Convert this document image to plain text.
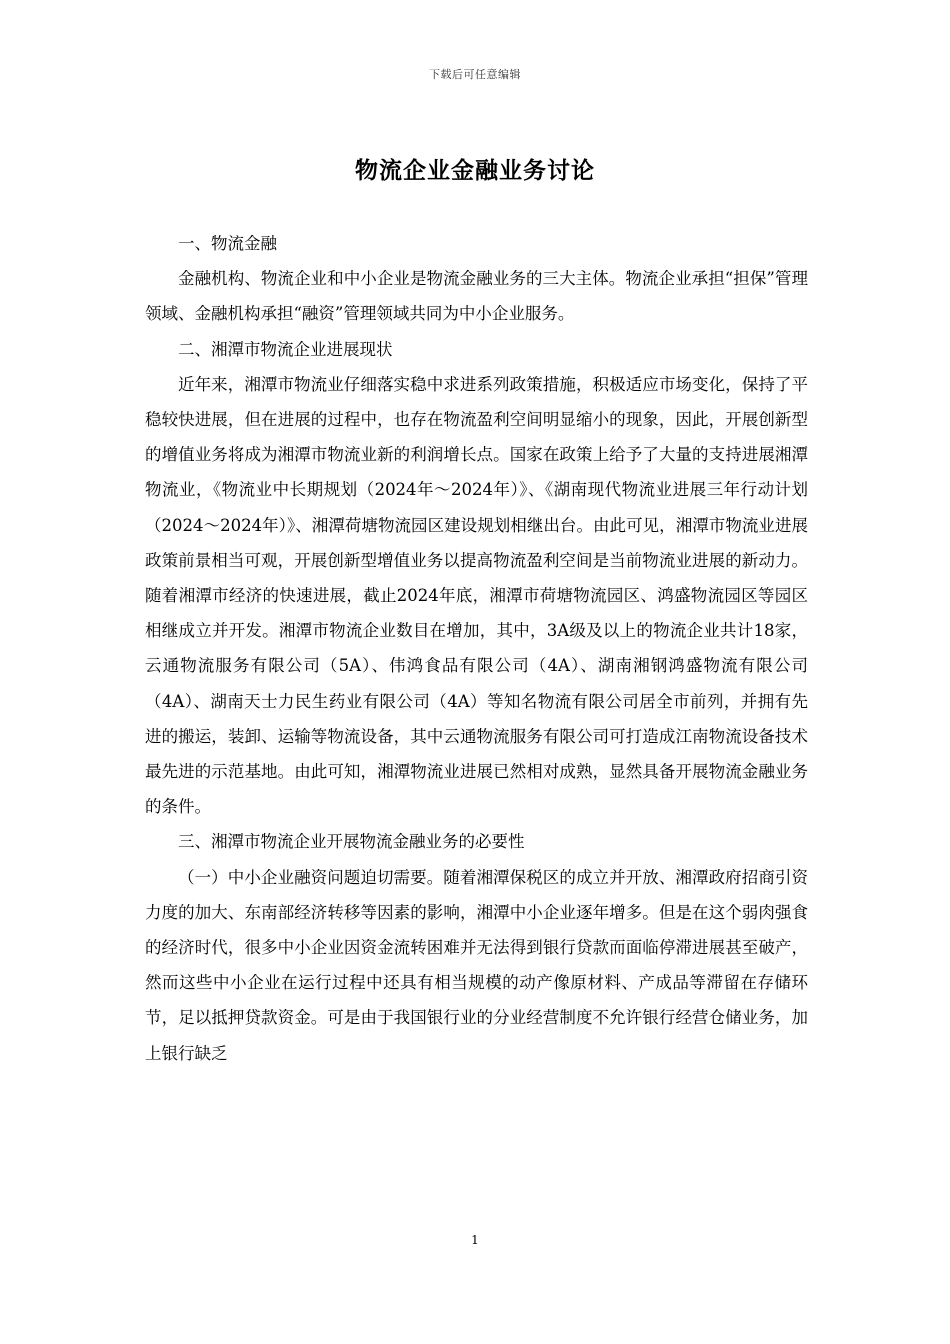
下载后可任意编辑
物流企业金融业务讨论

一、物流金融

金融机构、物流企业和中小企业是物流金融业务的三大主体。物流企业承担“担保”管理领域、金融机构承担“融资”管理领域共同为中小企业服务。

二、湘潭市物流企业进展现状

近年来，湘潭市物流业仔细落实稳中求进系列政策措施，积极适应市场变化，保持了平稳较快进展，但在进展的过程中，也存在物流盈利空间明显缩小的现象，因此，开展创新型的增值业务将成为湘潭市物流业新的利润增长点。国家在政策上给予了大量的支持进展湘潭物流业，《物流业中长期规划（2024年～2024年）》、《湖南现代物流业进展三年行动计划（2024～2024年）》、湘潭荷塘物流园区建设规划相继出台。由此可见，湘潭市物流业进展政策前景相当可观，开展创新型增值业务以提高物流盈利空间是当前物流业进展的新动力。随着湘潭市经济的快速进展，截止2024年底，湘潭市荷塘物流园区、鸿盛物流园区等园区相继成立并开发。湘潭市物流企业数目在增加，其中，3A级及以上的物流企业共计18家，云通物流服务有限公司（5A）、伟鸿食品有限公司（4A）、湖南湘钢鸿盛物流有限公司（4A）、湖南天士力民生药业有限公司（4A）等知名物流有限公司居全市前列，并拥有先进的搬运，装卸、运输等物流设备，其中云通物流服务有限公司可打造成江南物流设备技术最先进的示范基地。由此可知，湘潭物流业进展已然相对成熟，显然具备开展物流金融业务的条件。

三、湘潭市物流企业开展物流金融业务的必要性

（一）中小企业融资问题迫切需要。随着湘潭保税区的成立并开放、湘潭政府招商引资力度的加大、东南部经济转移等因素的影响，湘潭中小企业逐年增多。但是在这个弱肉强食的经济时代，很多中小企业因资金流转困难并无法得到银行贷款而面临停滞进展甚至破产，然而这些中小企业在运行过程中还具有相当规模的动产像原材料、产成品等滞留在存储环节，足以抵押贷款资金。可是由于我国银行业的分业经营制度不允许银行经营仓储业务，加上银行缺乏

1
